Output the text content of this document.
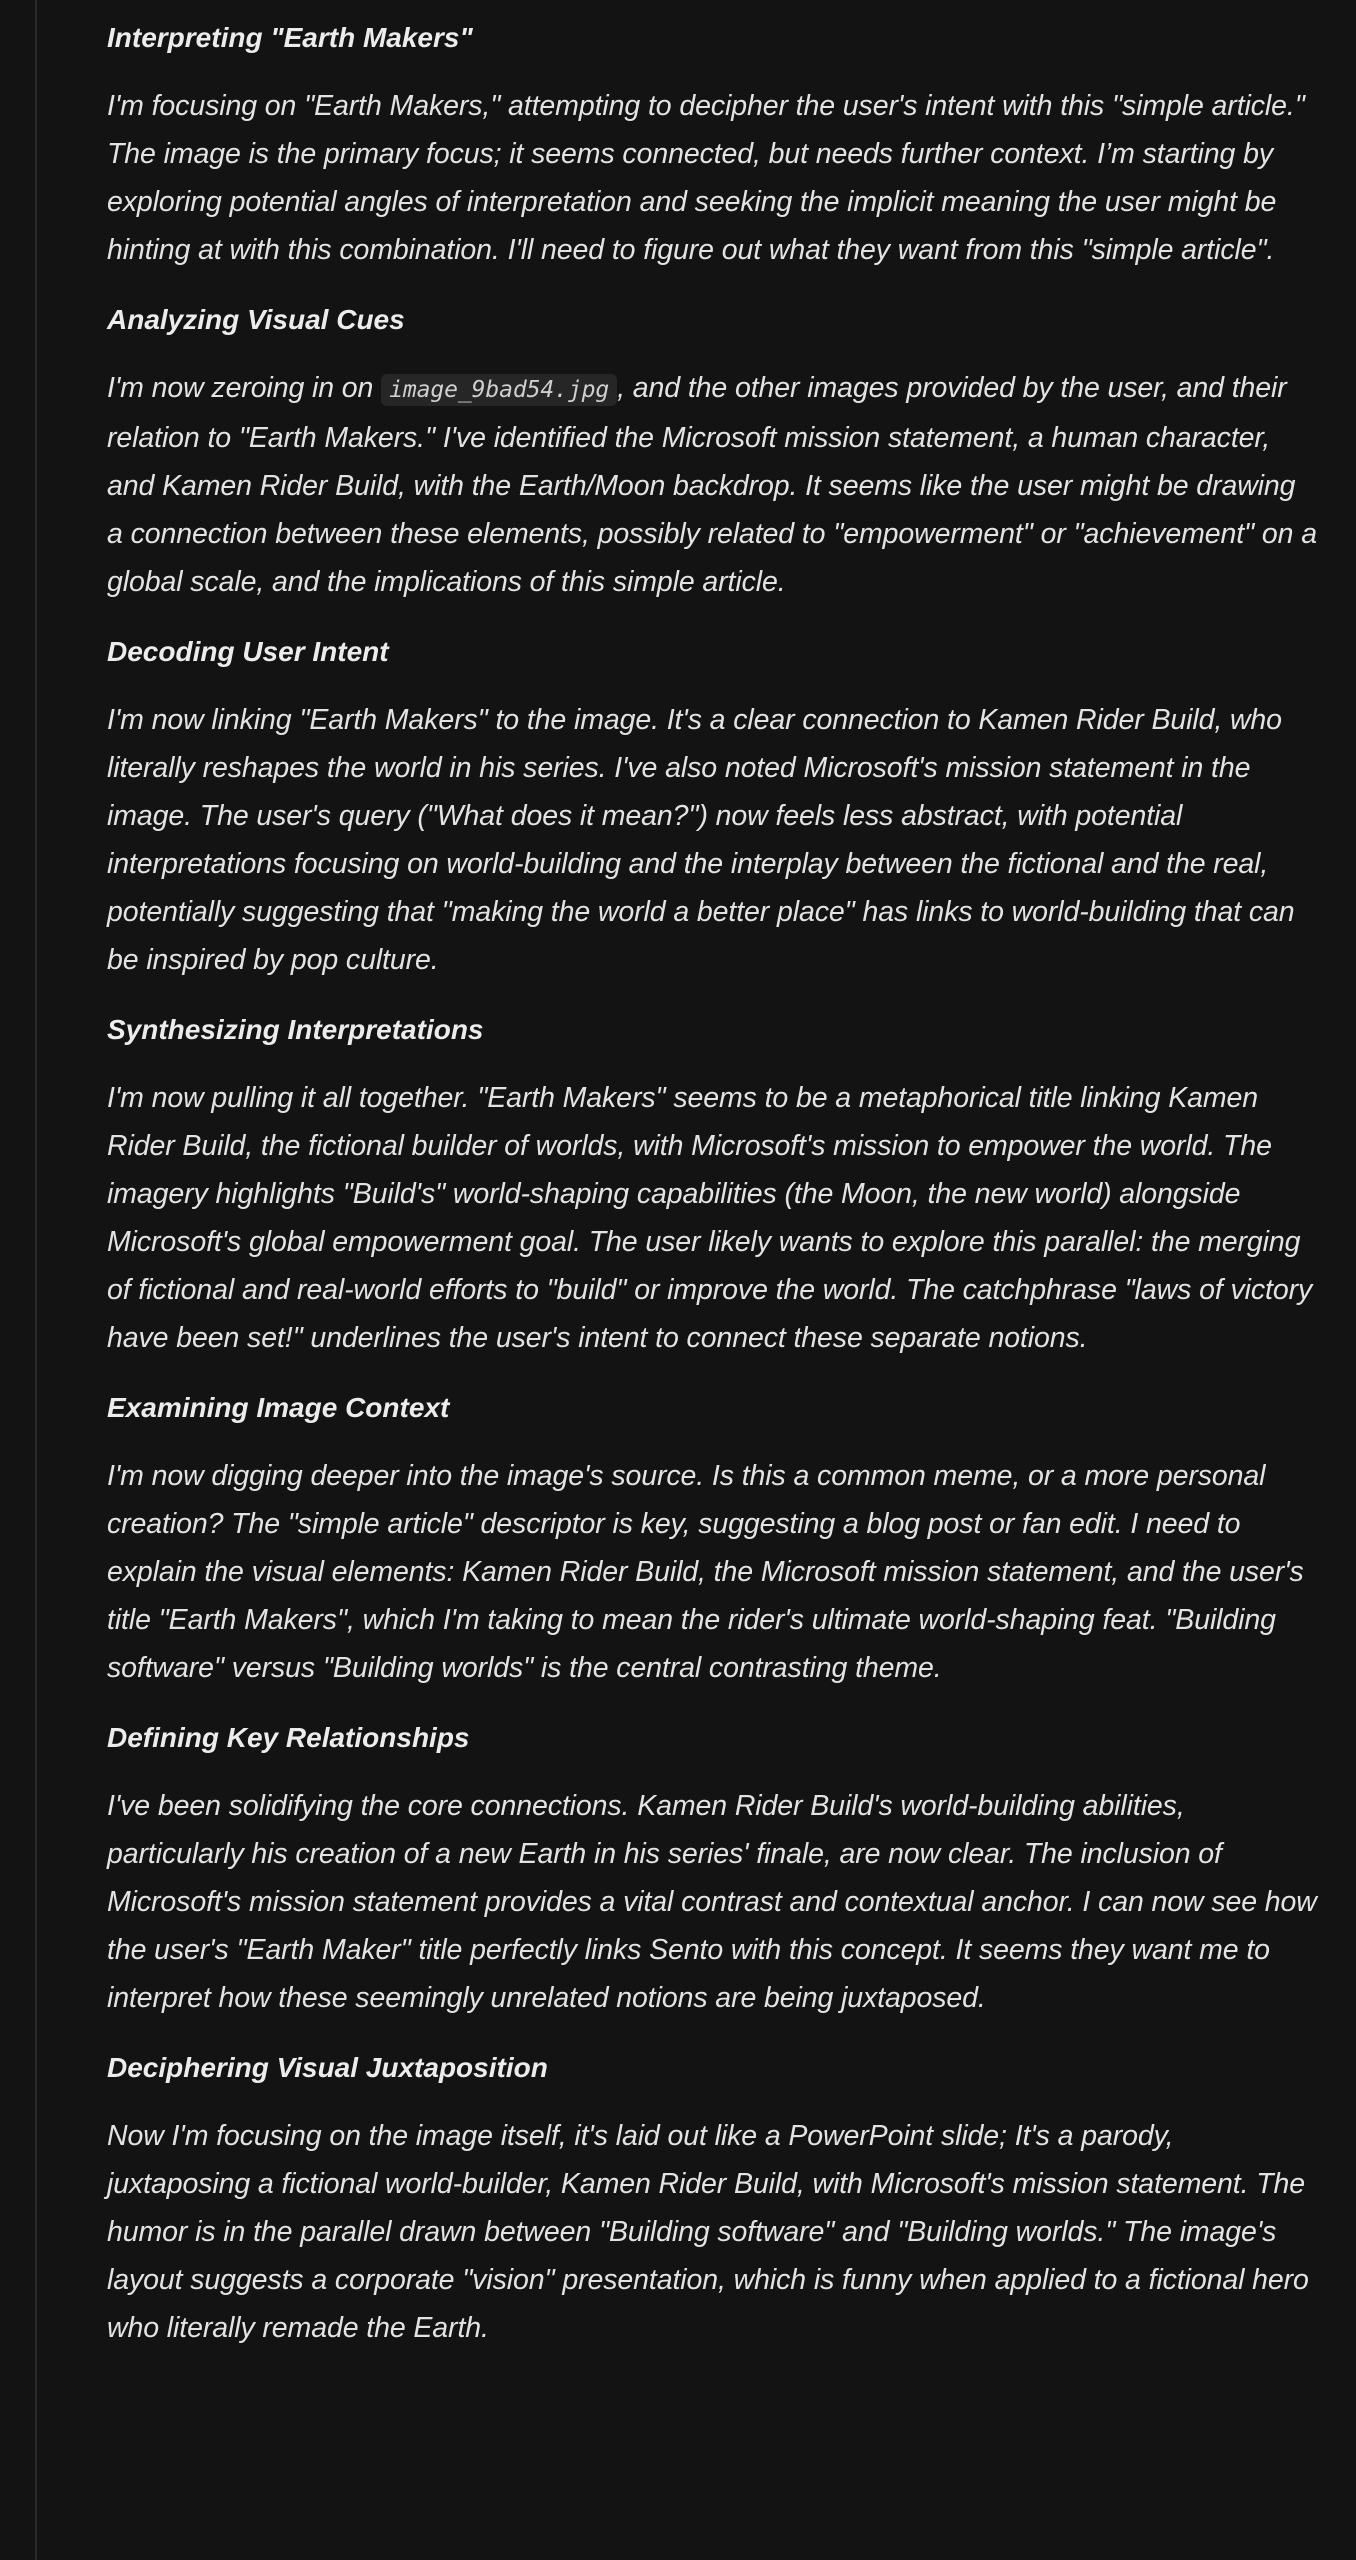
Interpreting "Earth Makers"
I'm focusing on "Earth Makers," attempting to decipher the user's intent with this "simple article." The image is the primary focus; it seems connected, but needs further context. I’m starting by exploring potential angles of interpretation and seeking the implicit meaning the user might be hinting at with this combination. I'll need to figure out what they want from this "simple article".
Analyzing Visual Cues
I'm now zeroing in on image_9bad54.jpg , and the other images provided by the user, and their relation to "Earth Makers." I've identified the Microsoft mission statement, a human character, and Kamen Rider Build, with the Earth/Moon backdrop. It seems like the user might be drawing a connection between these elements, possibly related to "empowerment" or "achievement" on a global scale, and the implications of this simple article.
Decoding User Intent
I'm now linking "Earth Makers" to the image. It's a clear connection to Kamen Rider Build, who literally reshapes the world in his series. I've also noted Microsoft's mission statement in the image. The user's query ("What does it mean?") now feels less abstract, with potential interpretations focusing on world-building and the interplay between the fictional and the real, potentially suggesting that "making the world a better place" has links to world-building that can be inspired by pop culture.
Synthesizing Interpretations
I'm now pulling it all together. "Earth Makers" seems to be a metaphorical title linking Kamen Rider Build, the fictional builder of worlds, with Microsoft's mission to empower the world. The imagery highlights "Build's" world-shaping capabilities (the Moon, the new world) alongside Microsoft's global empowerment goal. The user likely wants to explore this parallel: the merging of fictional and real-world efforts to "build" or improve the world. The catchphrase "laws of victory have been set!" underlines the user's intent to connect these separate notions.
Examining Image Context
I'm now digging deeper into the image's source. Is this a common meme, or a more personal creation? The "simple article" descriptor is key, suggesting a blog post or fan edit. I need to explain the visual elements: Kamen Rider Build, the Microsoft mission statement, and the user's title "Earth Makers", which I'm taking to mean the rider's ultimate world-shaping feat. "Building software" versus "Building worlds" is the central contrasting theme.
Defining Key Relationships
I've been solidifying the core connections. Kamen Rider Build's world-building abilities, particularly his creation of a new Earth in his series' finale, are now clear. The inclusion of Microsoft's mission statement provides a vital contrast and contextual anchor. I can now see how the user's "Earth Maker" title perfectly links Sento with this concept. It seems they want me to interpret how these seemingly unrelated notions are being juxtaposed.
Deciphering Visual Juxtaposition
Now I'm focusing on the image itself, it's laid out like a PowerPoint slide; It's a parody, juxtaposing a fictional world-builder, Kamen Rider Build, with Microsoft's mission statement. The humor is in the parallel drawn between "Building software" and "Building worlds." The image's layout suggests a corporate "vision" presentation, which is funny when applied to a fictional hero who literally remade the Earth.
